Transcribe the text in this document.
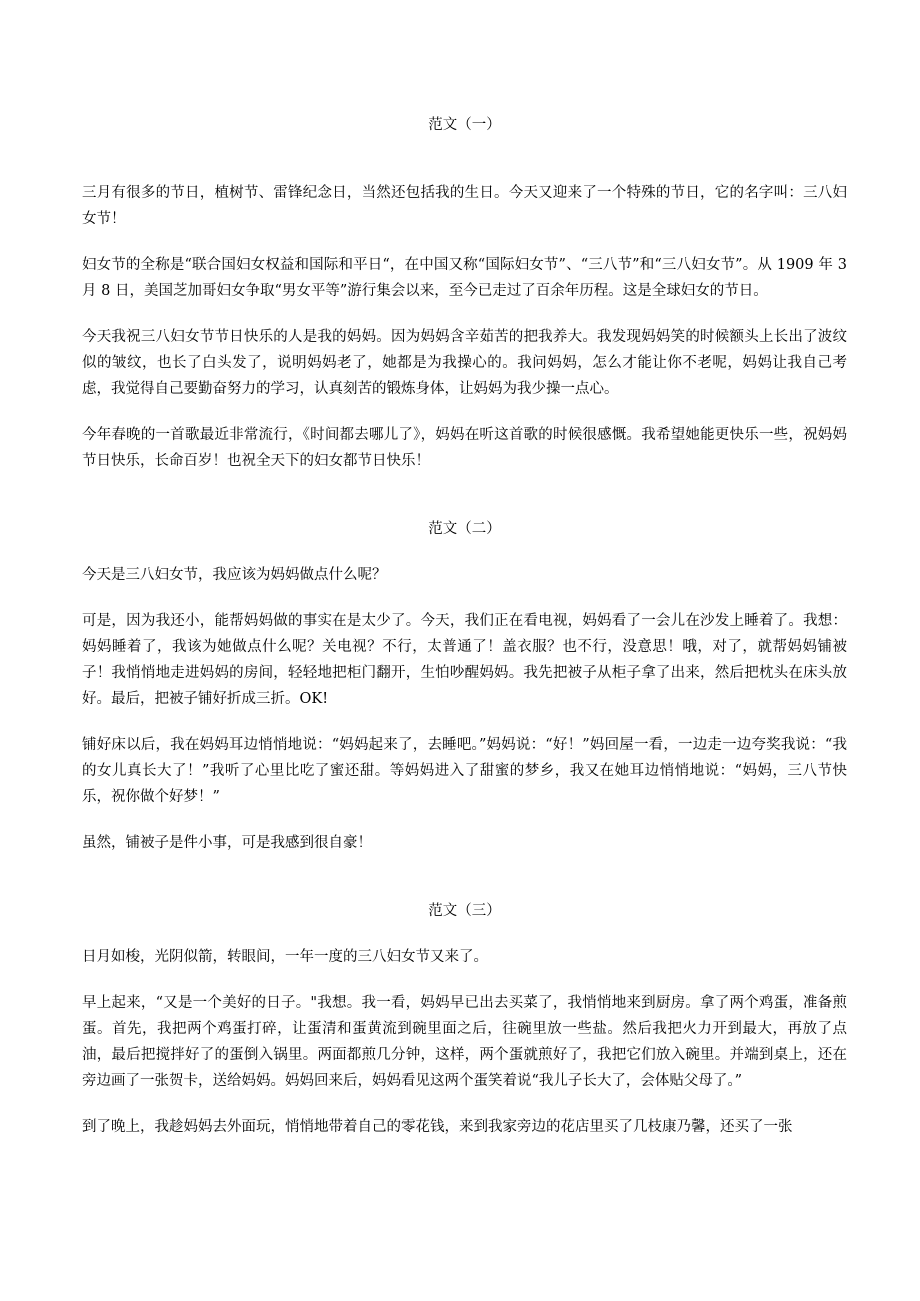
范文（一）

三月有很多的节日，植树节、雷锋纪念日，当然还包括我的生日。今天又迎来了一个特殊的节日，它的名字叫：三八妇女节！

妇女节的全称是“联合国妇女权益和国际和平日“，在中国又称“国际妇女节”、“三八节”和“三八妇女节”。从 1909 年 3 月 8 日，美国芝加哥妇女争取“男女平等”游行集会以来，至今已走过了百余年历程。这是全球妇女的节日。

今天我祝三八妇女节节日快乐的人是我的妈妈。因为妈妈含辛茹苦的把我养大。我发现妈妈笑的时候额头上长出了波纹似的皱纹，也长了白头发了，说明妈妈老了，她都是为我操心的。我问妈妈，怎么才能让你不老呢，妈妈让我自己考虑，我觉得自己要勤奋努力的学习，认真刻苦的锻炼身体，让妈妈为我少操一点心。

今年春晚的一首歌最近非常流行，《时间都去哪儿了》，妈妈在听这首歌的时候很感慨。我希望她能更快乐一些，祝妈妈节日快乐，长命百岁！也祝全天下的妇女都节日快乐！

范文（二）

今天是三八妇女节，我应该为妈妈做点什么呢？

可是，因为我还小，能帮妈妈做的事实在是太少了。今天，我们正在看电视，妈妈看了一会儿在沙发上睡着了。我想：妈妈睡着了，我该为她做点什么呢？关电视？不行，太普通了！盖衣服？也不行，没意思！哦，对了，就帮妈妈铺被子！我悄悄地走进妈妈的房间，轻轻地把柜门翻开，生怕吵醒妈妈。我先把被子从柜子拿了出来，然后把枕头在床头放好。最后，把被子铺好折成三折。OK!

铺好床以后，我在妈妈耳边悄悄地说：“妈妈起来了，去睡吧。”妈妈说：“好！”妈回屋一看，一边走一边夸奖我说：“我的女儿真长大了！”我听了心里比吃了蜜还甜。等妈妈进入了甜蜜的梦乡，我又在她耳边悄悄地说：“妈妈，三八节快乐，祝你做个好梦！”

虽然，铺被子是件小事，可是我感到很自豪！

范文（三）

日月如梭，光阴似箭，转眼间，一年一度的三八妇女节又来了。

早上起来，“又是一个美好的日子。"我想。我一看，妈妈早已出去买菜了，我悄悄地来到厨房。拿了两个鸡蛋，准备煎蛋。首先，我把两个鸡蛋打碎，让蛋清和蛋黄流到碗里面之后，往碗里放一些盐。然后我把火力开到最大，再放了点油，最后把搅拌好了的蛋倒入锅里。两面都煎几分钟，这样，两个蛋就煎好了，我把它们放入碗里。并端到桌上，还在旁边画了一张贺卡，送给妈妈。妈妈回来后，妈妈看见这两个蛋笑着说“我儿子长大了，会体贴父母了。”

到了晚上，我趁妈妈去外面玩，悄悄地带着自己的零花钱，来到我家旁边的花店里买了几枝康乃馨，还买了一张
